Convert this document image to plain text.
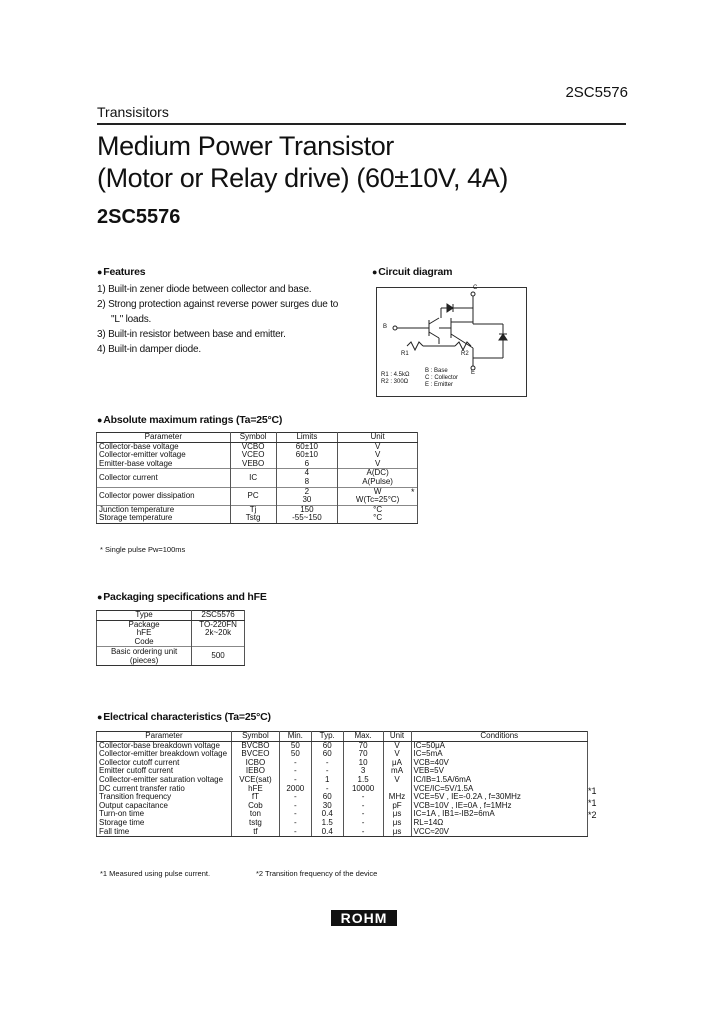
Transisitors
2SC5576
Medium Power Transistor
(Motor or Relay drive) (60±10V, 4A)
2SC5576
●Features
1) Built-in zener diode between collector and base.
2) Strong protection against reverse power surges due to
"L" loads.
3) Built-in resistor between base and emitter.
4) Built-in damper diode.
●Circuit diagram
C
B
E
R1	R2
R1 : 4.5kΩ
R2 : 300Ω
B : Base
C : Collector
E : Emitter
●Absolute maximum ratings (Ta=25°C)
Parameter	Symbol	Limits	Unit
Collector-base voltage	VCBO	60±10	V
Collector-emitter voltage	VCEO	60±10	V
Emitter-base voltage	VEBO	6	V
Collector current	IC	4	A(DC)
		8	A(Pulse)
Collector power dissipation	PC	2	W
		30	W(Tc=25°C)
Junction temperature	Tj	150	°C
Storage temperature	Tstg	-55~150	°C
*
* Single pulse Pw=100ms
●Packaging specifications and hFE
Type	2SC5576
Package	TO-220FN
hFE	2k~20k
Code	
Basic ordering unit (pieces)	500
●Electrical characteristics (Ta=25°C)
Parameter	Symbol	Min.	Typ.	Max.	Unit	Conditions
Collector-base breakdown voltage	BVCBO	50	60	70	V	IC=50μA
Collector-emitter breakdown voltage	BVCEO	50	60	70	V	IC=5mA
Collector cutoff current	ICBO	-	-	10	μA	VCB=40V
Emitter cutoff current	IEBO	-	-	3	mA	VEB=5V
Collector-emitter saturation voltage	VCE(sat)	-	1	1.5	V	IC/IB=1.5A/6mA
DC current transfer ratio	hFE	2000	-	10000		VCE/IC=5V/1.5A
Transition frequency	fT	-	60	-	MHz	VCE=5V , IE=-0.2A , f=30MHz
Output capacitance	Cob	-	30	-	pF	VCB=10V , IE=0A , f=1MHz
Turn-on time	ton	-	0.4	-	μs	IC=1A , IB1=-IB2=6mA
Storage time	tstg	-	1.5	-	μs	RL=14Ω
Fall time	tf	-	0.4	-	μs	VCC≈20V
*1
*1
*2
*1 Measured using pulse current.	*2 Transition frequency of the device
ROHM
